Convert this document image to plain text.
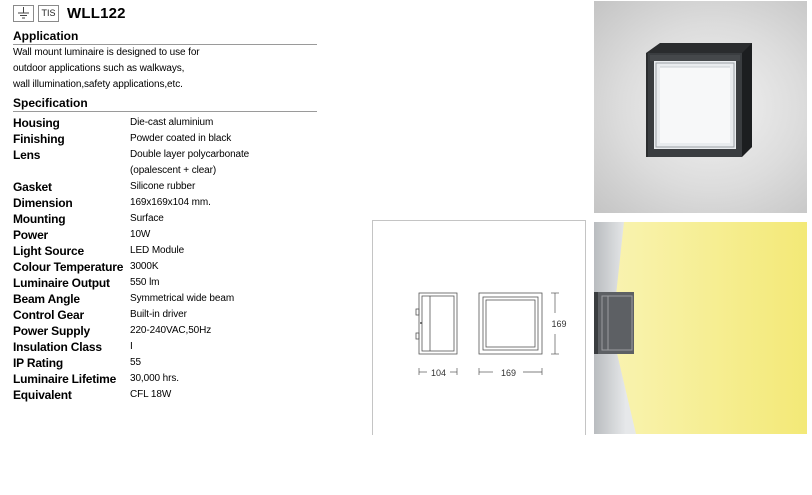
TIS WLL122
Application
Wall mount luminaire is designed to use for
outdoor applications such as walkways,
wall illumination,safety applications,etc.
Specification
Housing	Die-cast aluminium
Finishing	Powder coated in black
Lens	Double layer polycarbonate
(opalescent + clear)
Gasket	Silicone rubber
Dimension	169x169x104 mm.
Mounting	Surface
Power	10W
Light Source	LED Module
Colour Temperature 3000K
Luminaire Output	550 lm
Beam Angle	Symmetrical wide beam
Control Gear	Built-in driver
Power Supply	220-240VAC,50Hz
Insulation Class	I
IP Rating	55
Luminaire Lifetime	30,000 hrs.
Equivalent	CFL 18W
104	169
169
